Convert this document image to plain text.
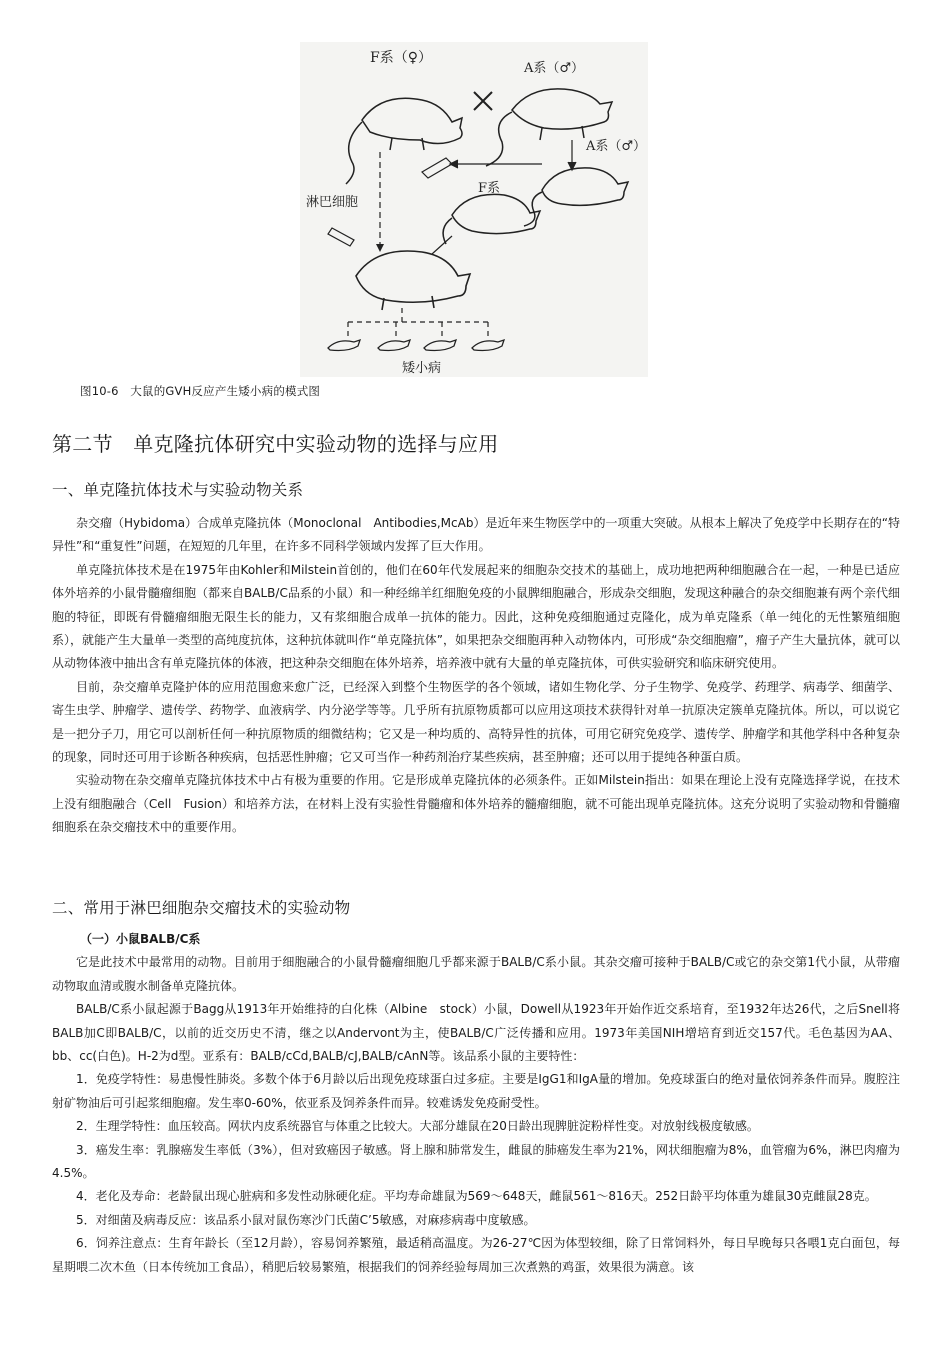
F系（♀）
A系（♂）
A系（♂）
F系
淋巴细胞
矮小病
图10-6　大鼠的GVH反应产生矮小病的模式图
第二节　单克隆抗体研究中实验动物的选择与应用
一、单克隆抗体技术与实验动物关系

杂交瘤（Hybidoma）合成单克隆抗体（Monoclonal　Antibodies,McAb）是近年来生物医学中的一项重大突破。从根本上解决了免疫学中长期存在的“特异性”和“重复性”问题，在短短的几年里，在许多不同科学领域内发挥了巨大作用。

单克隆抗体技术是在1975年由Kohler和Milstein首创的，他们在60年代发展起来的细胞杂交技术的基础上，成功地把两种细胞融合在一起，一种是已适应体外培养的小鼠骨髓瘤细胞（都来自BALB/C品系的小鼠）和一种经绵羊红细胞免疫的小鼠脾细胞融合，形成杂交细胞，发现这种融合的杂交细胞兼有两个亲代细胞的特征，即既有骨髓瘤细胞无限生长的能力，又有浆细胞合成单一抗体的能力。因此，这种免疫细胞通过克隆化，成为单克隆系（单一纯化的无性繁殖细胞系），就能产生大量单一类型的高纯度抗体，这种抗体就叫作“单克隆抗体”，如果把杂交细胞再种入动物体内，可形成“杂交细胞瘤”，瘤子产生大量抗体，就可以从动物体液中抽出含有单克隆抗体的体液，把这种杂交细胞在体外培养，培养液中就有大量的单克隆抗体，可供实验研究和临床研究使用。

目前，杂交瘤单克隆护体的应用范围愈来愈广泛，已经深入到整个生物医学的各个领域，诸如生物化学、分子生物学、免疫学、药理学、病毒学、细菌学、寄生虫学、肿瘤学、遗传学、药物学、血液病学、内分泌学等等。几乎所有抗原物质都可以应用这项技术获得针对单一抗原决定簇单克隆抗体。所以，可以说它是一把分子刀，用它可以剖析任何一种抗原物质的细微结构；它又是一种均质的、高特异性的抗体，可用它研究免疫学、遗传学、肿瘤学和其他学科中各种复杂的现象，同时还可用于诊断各种疾病，包括恶性肿瘤；它又可当作一种药剂治疗某些疾病，甚至肿瘤；还可以用于提纯各种蛋白质。

实验动物在杂交瘤单克隆抗体技术中占有极为重要的作用。它是形成单克隆抗体的必须条件。正如Milstein指出：如果在理论上没有克隆选择学说，在技术上没有细胞融合（Cell　Fusion）和培养方法，在材料上没有实验性骨髓瘤和体外培养的髓瘤细胞，就不可能出现单克隆抗体。这充分说明了实验动物和骨髓瘤细胞系在杂交瘤技术中的重要作用。

二、常用于淋巴细胞杂交瘤技术的实验动物

（一）小鼠BALB/C系

它是此技术中最常用的动物。目前用于细胞融合的小鼠骨髓瘤细胞几乎都来源于BALB/C系小鼠。其杂交瘤可接种于BALB/C或它的杂交第1代小鼠，从带瘤动物取血清或腹水制备单克隆抗体。

BALB/C系小鼠起源于Bagg从1913年开始维持的白化株（Albine　stock）小鼠，Dowell从1923年开始作近交系培育，至1932年达26代，之后Snell将BALB加C即BALB/C，以前的近交历史不清，继之以Andervont为主，使BALB/C广泛传播和应用。1973年美国NIH增培育到近交157代。毛色基因为AA、bb、cc(白色)。H-2为d型。亚系有：BALB/cCd,BALB/cJ,BALB/cAnN等。该品系小鼠的主要特性：

1．免疫学特性：易患慢性肺炎。多数个体于6月龄以后出现免疫球蛋白过多症。主要是IgG1和IgA量的增加。免疫球蛋白的绝对量依饲养条件而异。腹腔注射矿物油后可引起浆细胞瘤。发生率0-60%，依亚系及饲养条件而异。较难诱发免疫耐受性。

2．生理学特性：血压较高。网状内皮系统器官与体重之比较大。大部分雄鼠在20日龄出现脾脏淀粉样性变。对放射线极度敏感。

3．癌发生率：乳腺癌发生率低（3%），但对致癌因子敏感。肾上腺和肺常发生，雌鼠的肺癌发生率为21%，网状细胞瘤为8%，血管瘤为6%，淋巴肉瘤为4.5%。

4．老化及寿命：老龄鼠出现心脏病和多发性动脉硬化症。平均寿命雄鼠为569～648天，雌鼠561～816天。252日龄平均体重为雄鼠30克雌鼠28克。

5．对细菌及病毒反应：该品系小鼠对鼠伤寒沙门氏菌C’5敏感，对麻疹病毒中度敏感。

6．饲养注意点：生育年龄长（至12月龄），容易饲养繁殖，最适稍高温度。为26-27℃因为体型较细，除了日常饲料外，每日早晚每只各喂1克白面包，每星期喂二次木鱼（日本传统加工食品），稍肥后较易繁殖，根据我们的饲养经验每周加三次煮熟的鸡蛋，效果很为满意。该
